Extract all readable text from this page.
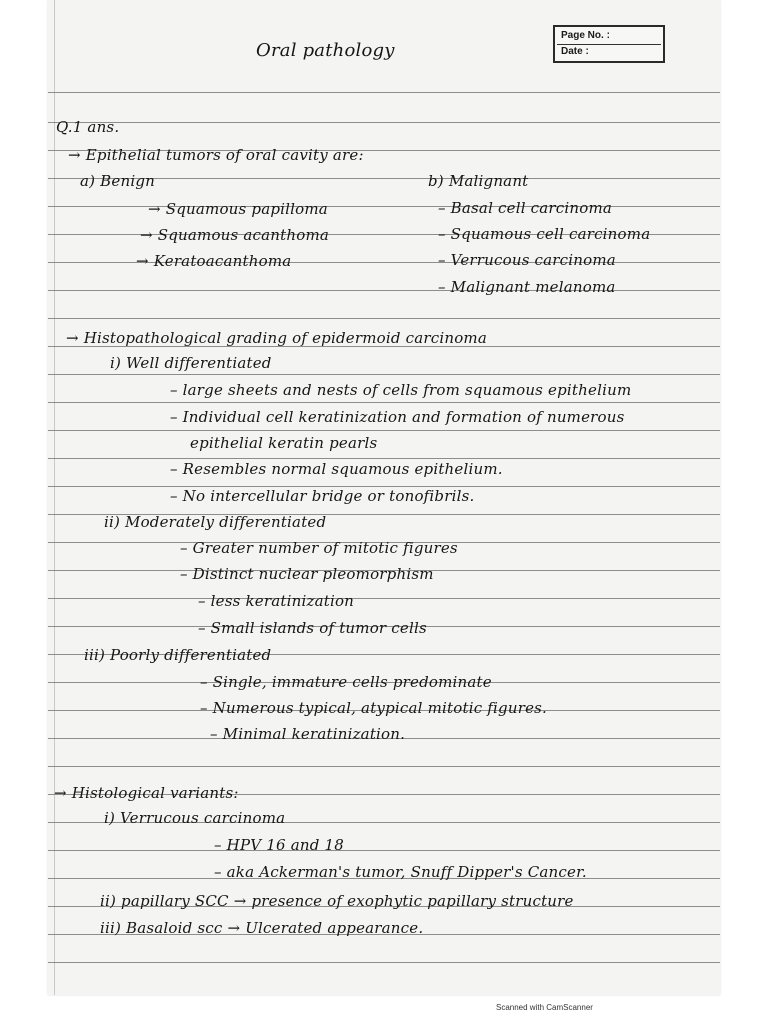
Page No. :
Date :
Oral pathology
Q.1 ans.
→ Epithelial tumors of oral cavity are:
a) Benign
→ Squamous papilloma
→ Squamous acanthoma
→ Keratoacanthoma
b) Malignant
– Basal cell carcinoma
– Squamous cell carcinoma
– Verrucous carcinoma
– Malignant melanoma
→ Histopathological grading of epidermoid carcinoma
i) Well differentiated
– large sheets and nests of cells from squamous epithelium
– Individual cell keratinization and formation of numerous
epithelial keratin pearls
– Resembles normal squamous epithelium.
– No intercellular bridge or tonofibrils.
ii) Moderately differentiated
– Greater number of mitotic figures
– Distinct nuclear pleomorphism
– less keratinization
– Small islands of tumor cells
iii) Poorly differentiated
– Single, immature cells predominate
– Numerous typical, atypical mitotic figures.
– Minimal keratinization.
→ Histological variants:
i) Verrucous carcinoma
– HPV 16 and 18
– aka Ackerman's tumor, Snuff Dipper's Cancer.
ii) papillary SCC → presence of exophytic papillary structure
iii) Basaloid scc → Ulcerated appearance.
Scanned with CamScanner
